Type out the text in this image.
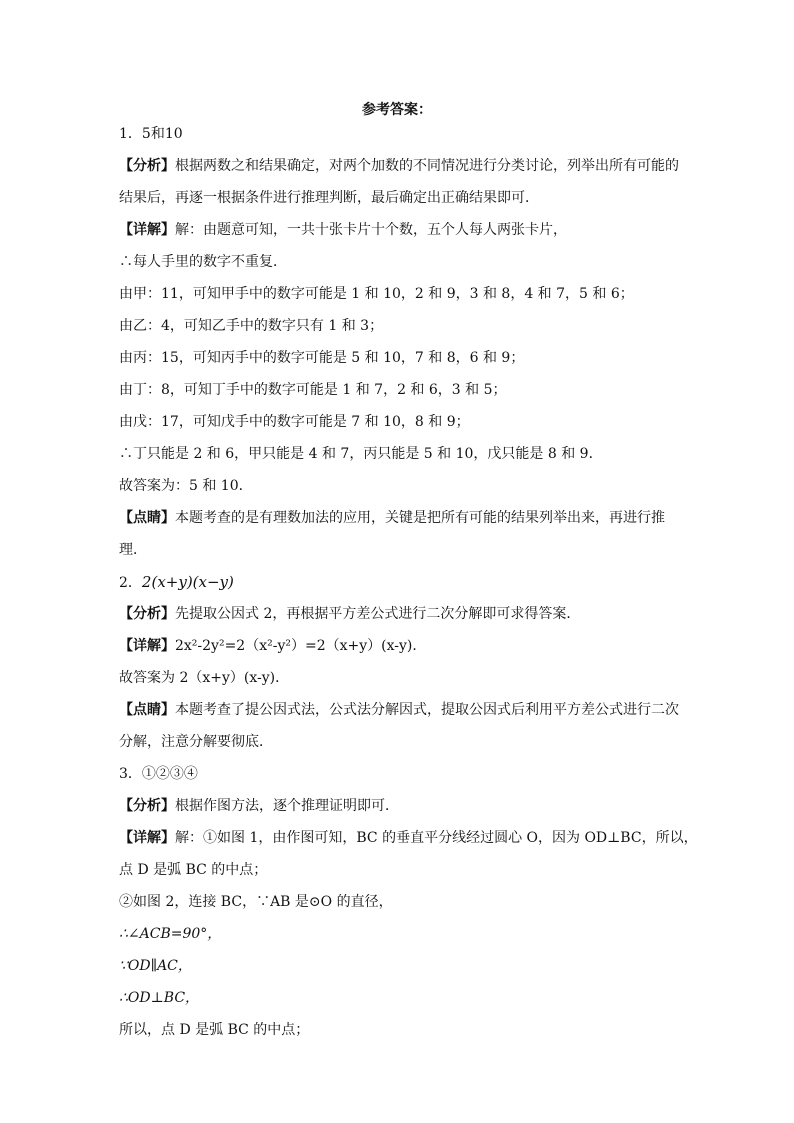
参考答案：
1．5和10
【分析】根据两数之和结果确定，对两个加数的不同情况进行分类讨论，列举出所有可能的
结果后，再逐一根据条件进行推理判断，最后确定出正确结果即可．
【详解】解：由题意可知，一共十张卡片十个数，五个人每人两张卡片，
∴每人手里的数字不重复．
由甲：11，可知甲手中的数字可能是 1 和 10，2 和 9，3 和 8，4 和 7，5 和 6；
由乙：4，可知乙手中的数字只有 1 和 3；
由丙：15，可知丙手中的数字可能是 5 和 10，7 和 8，6 和 9；
由丁：8，可知丁手中的数字可能是 1 和 7，2 和 6，3 和 5；
由戊：17，可知戊手中的数字可能是 7 和 10，8 和 9；
∴丁只能是 2 和 6，甲只能是 4 和 7，丙只能是 5 和 10，戊只能是 8 和 9．
故答案为：5 和 10．
【点睛】本题考查的是有理数加法的应用，关键是把所有可能的结果列举出来，再进行推
理．
2．2(x+y)(x−y)
【分析】先提取公因式 2，再根据平方差公式进行二次分解即可求得答案．
【详解】2x²-2y²=2（x²-y²）=2（x+y）(x-y)．
故答案为 2（x+y）(x-y)．
【点睛】本题考查了提公因式法，公式法分解因式，提取公因式后利用平方差公式进行二次
分解，注意分解要彻底．
3．①②③④
【分析】根据作图方法，逐个推理证明即可．
【详解】解：①如图 1，由作图可知，BC 的垂直平分线经过圆心 O，因为 OD⊥BC，所以，
点 D 是弧 BC 的中点；
②如图 2，连接 BC，∵AB 是⊙O 的直径，
∴∠ACB=90°，
∵OD∥AC，
∴OD⊥BC，
所以，点 D 是弧 BC 的中点；
